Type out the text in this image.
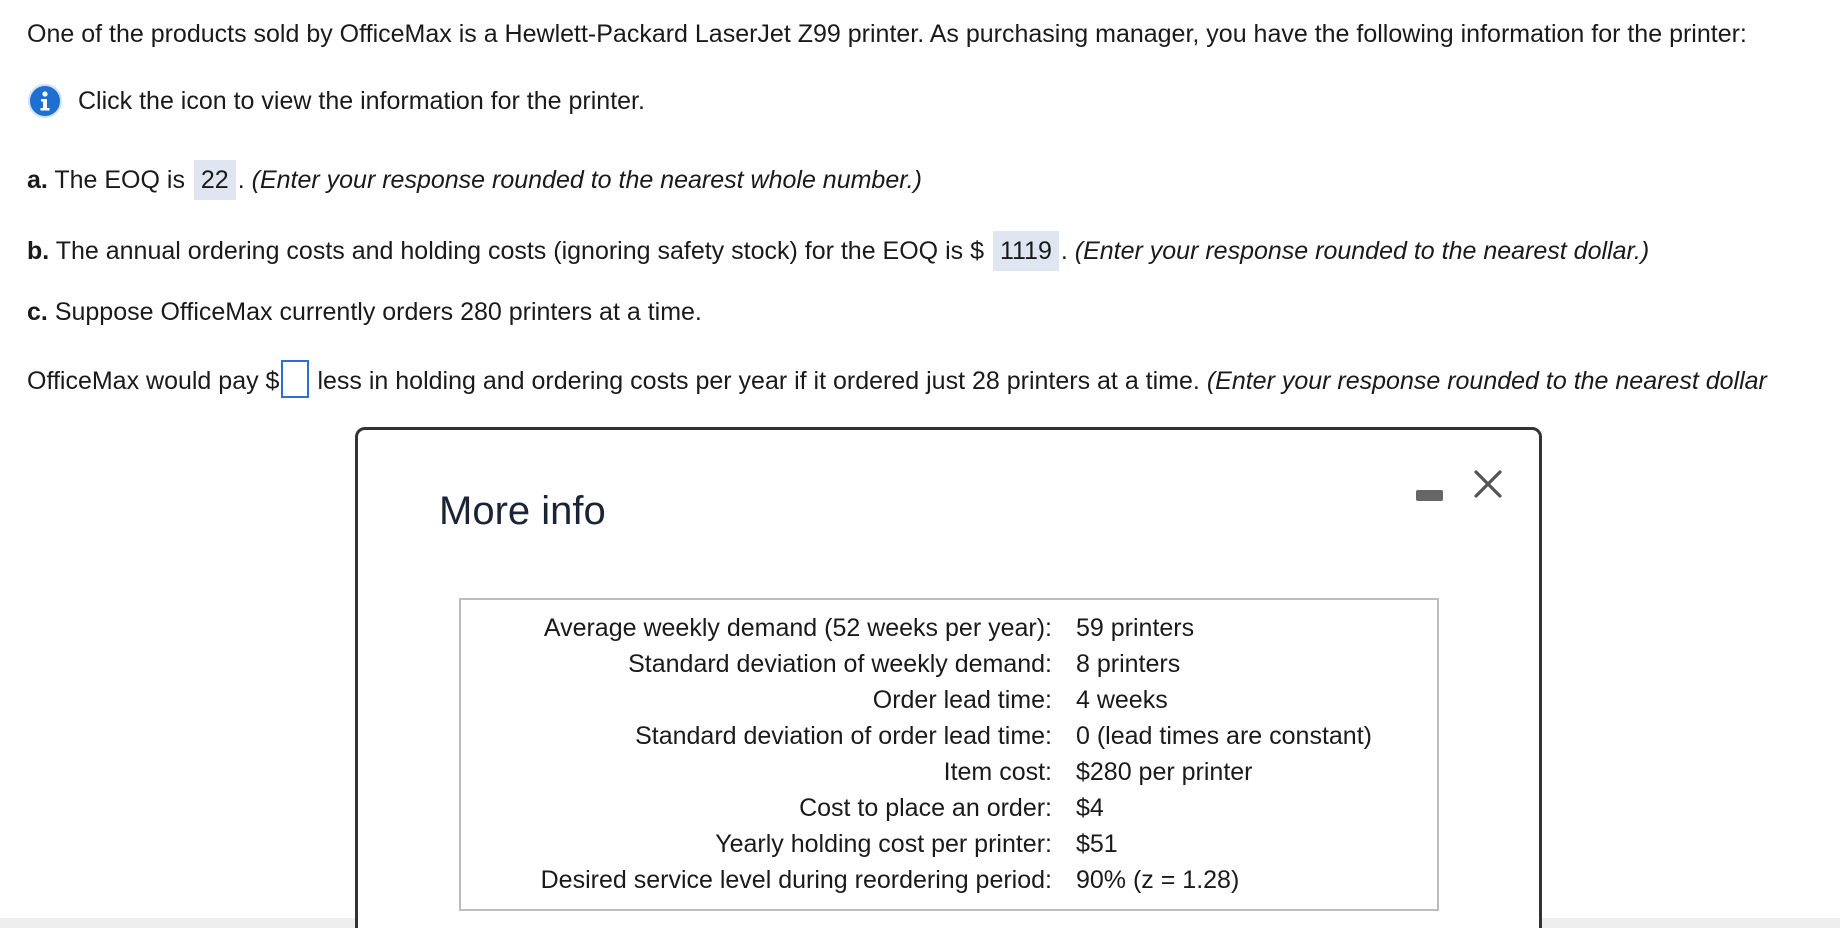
One of the products sold by OfficeMax is a Hewlett-Packard LaserJet Z99 printer. As purchasing manager, you have the following information for the printer:
Click the icon to view the information for the printer.
a. The EOQ is 22 . (Enter your response rounded to the nearest whole number.)
b. The annual ordering costs and holding costs (ignoring safety stock) for the EOQ is $ 1119 . (Enter your response rounded to the nearest dollar.)
c. Suppose OfficeMax currently orders 280 printers at a time.
OfficeMax would pay $ less in holding and ordering costs per year if it ordered just 28 printers at a time. (Enter your response rounded to the nearest dollar
More info
Average weekly demand (52 weeks per year): 59 printers
Standard deviation of weekly demand: 8 printers
Order lead time: 4 weeks
Standard deviation of order lead time: 0 (lead times are constant)
Item cost: $280 per printer
Cost to place an order: $4
Yearly holding cost per printer: $51
Desired service level during reordering period: 90% (z = 1.28)
